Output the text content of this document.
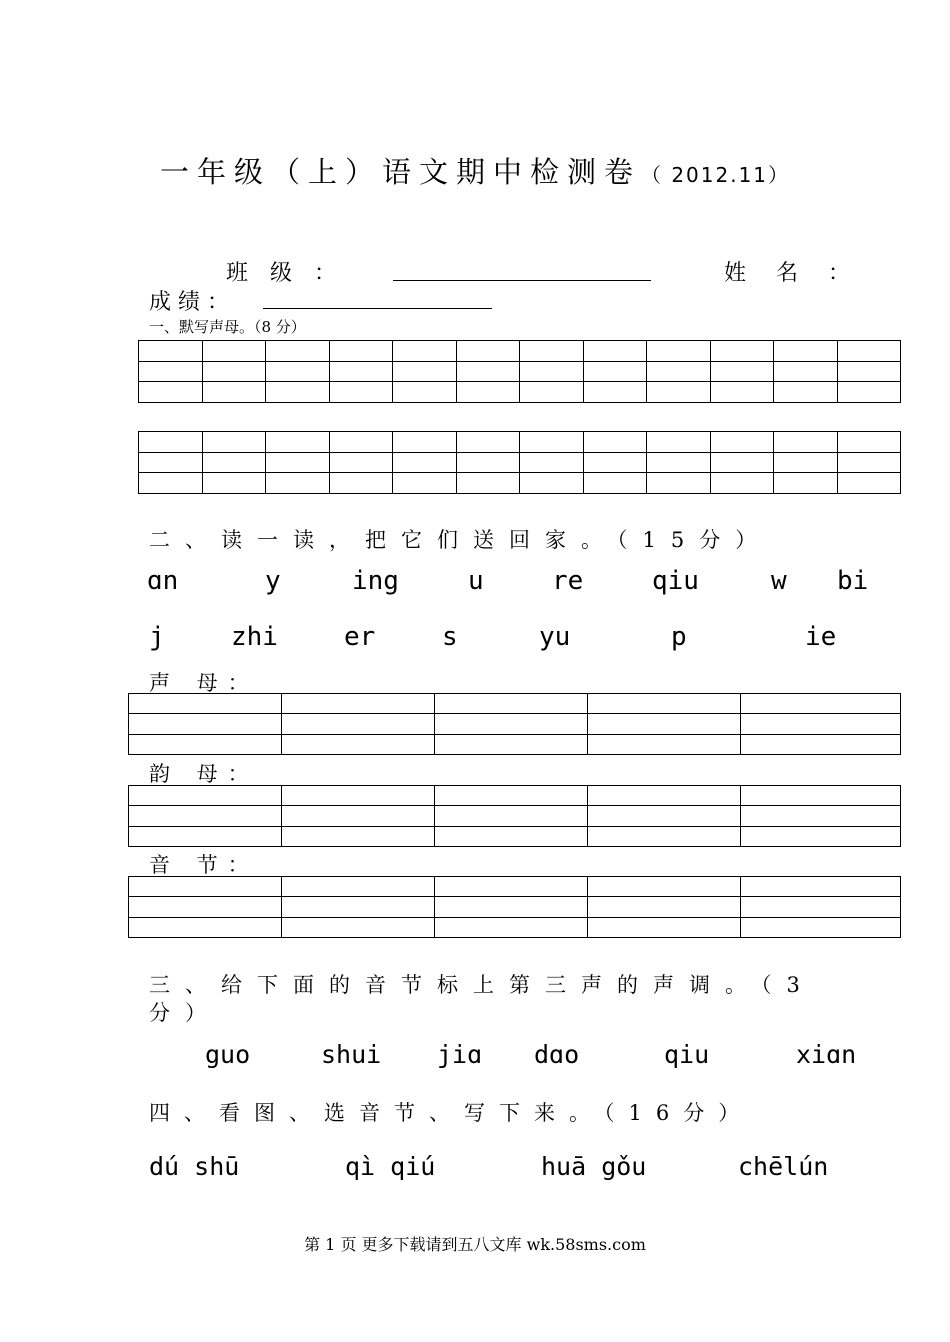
一年级（上）语文期中检测卷（ 2012.11）
班　级　：	姓　名　：
成 绩 ：
一、默写声母。（8 分）

二、读一读，把它们送回家。（15分）
ɑn	y	ing	u	re	qiu	w bi
j	zhi	er	s	yu	p	ie
声 母：

韵 母：

音 节：

三、给下面的音节标上第三声的声调。（3
分）
guo	shui jiɑ dɑo	qiu	xiɑn
四、看图、选音节、写下来。（16分）
dú shū	qì qiú	huā gǒu	chēlún
第 1 页 更多下载请到五八文库 wk.58sms.com
